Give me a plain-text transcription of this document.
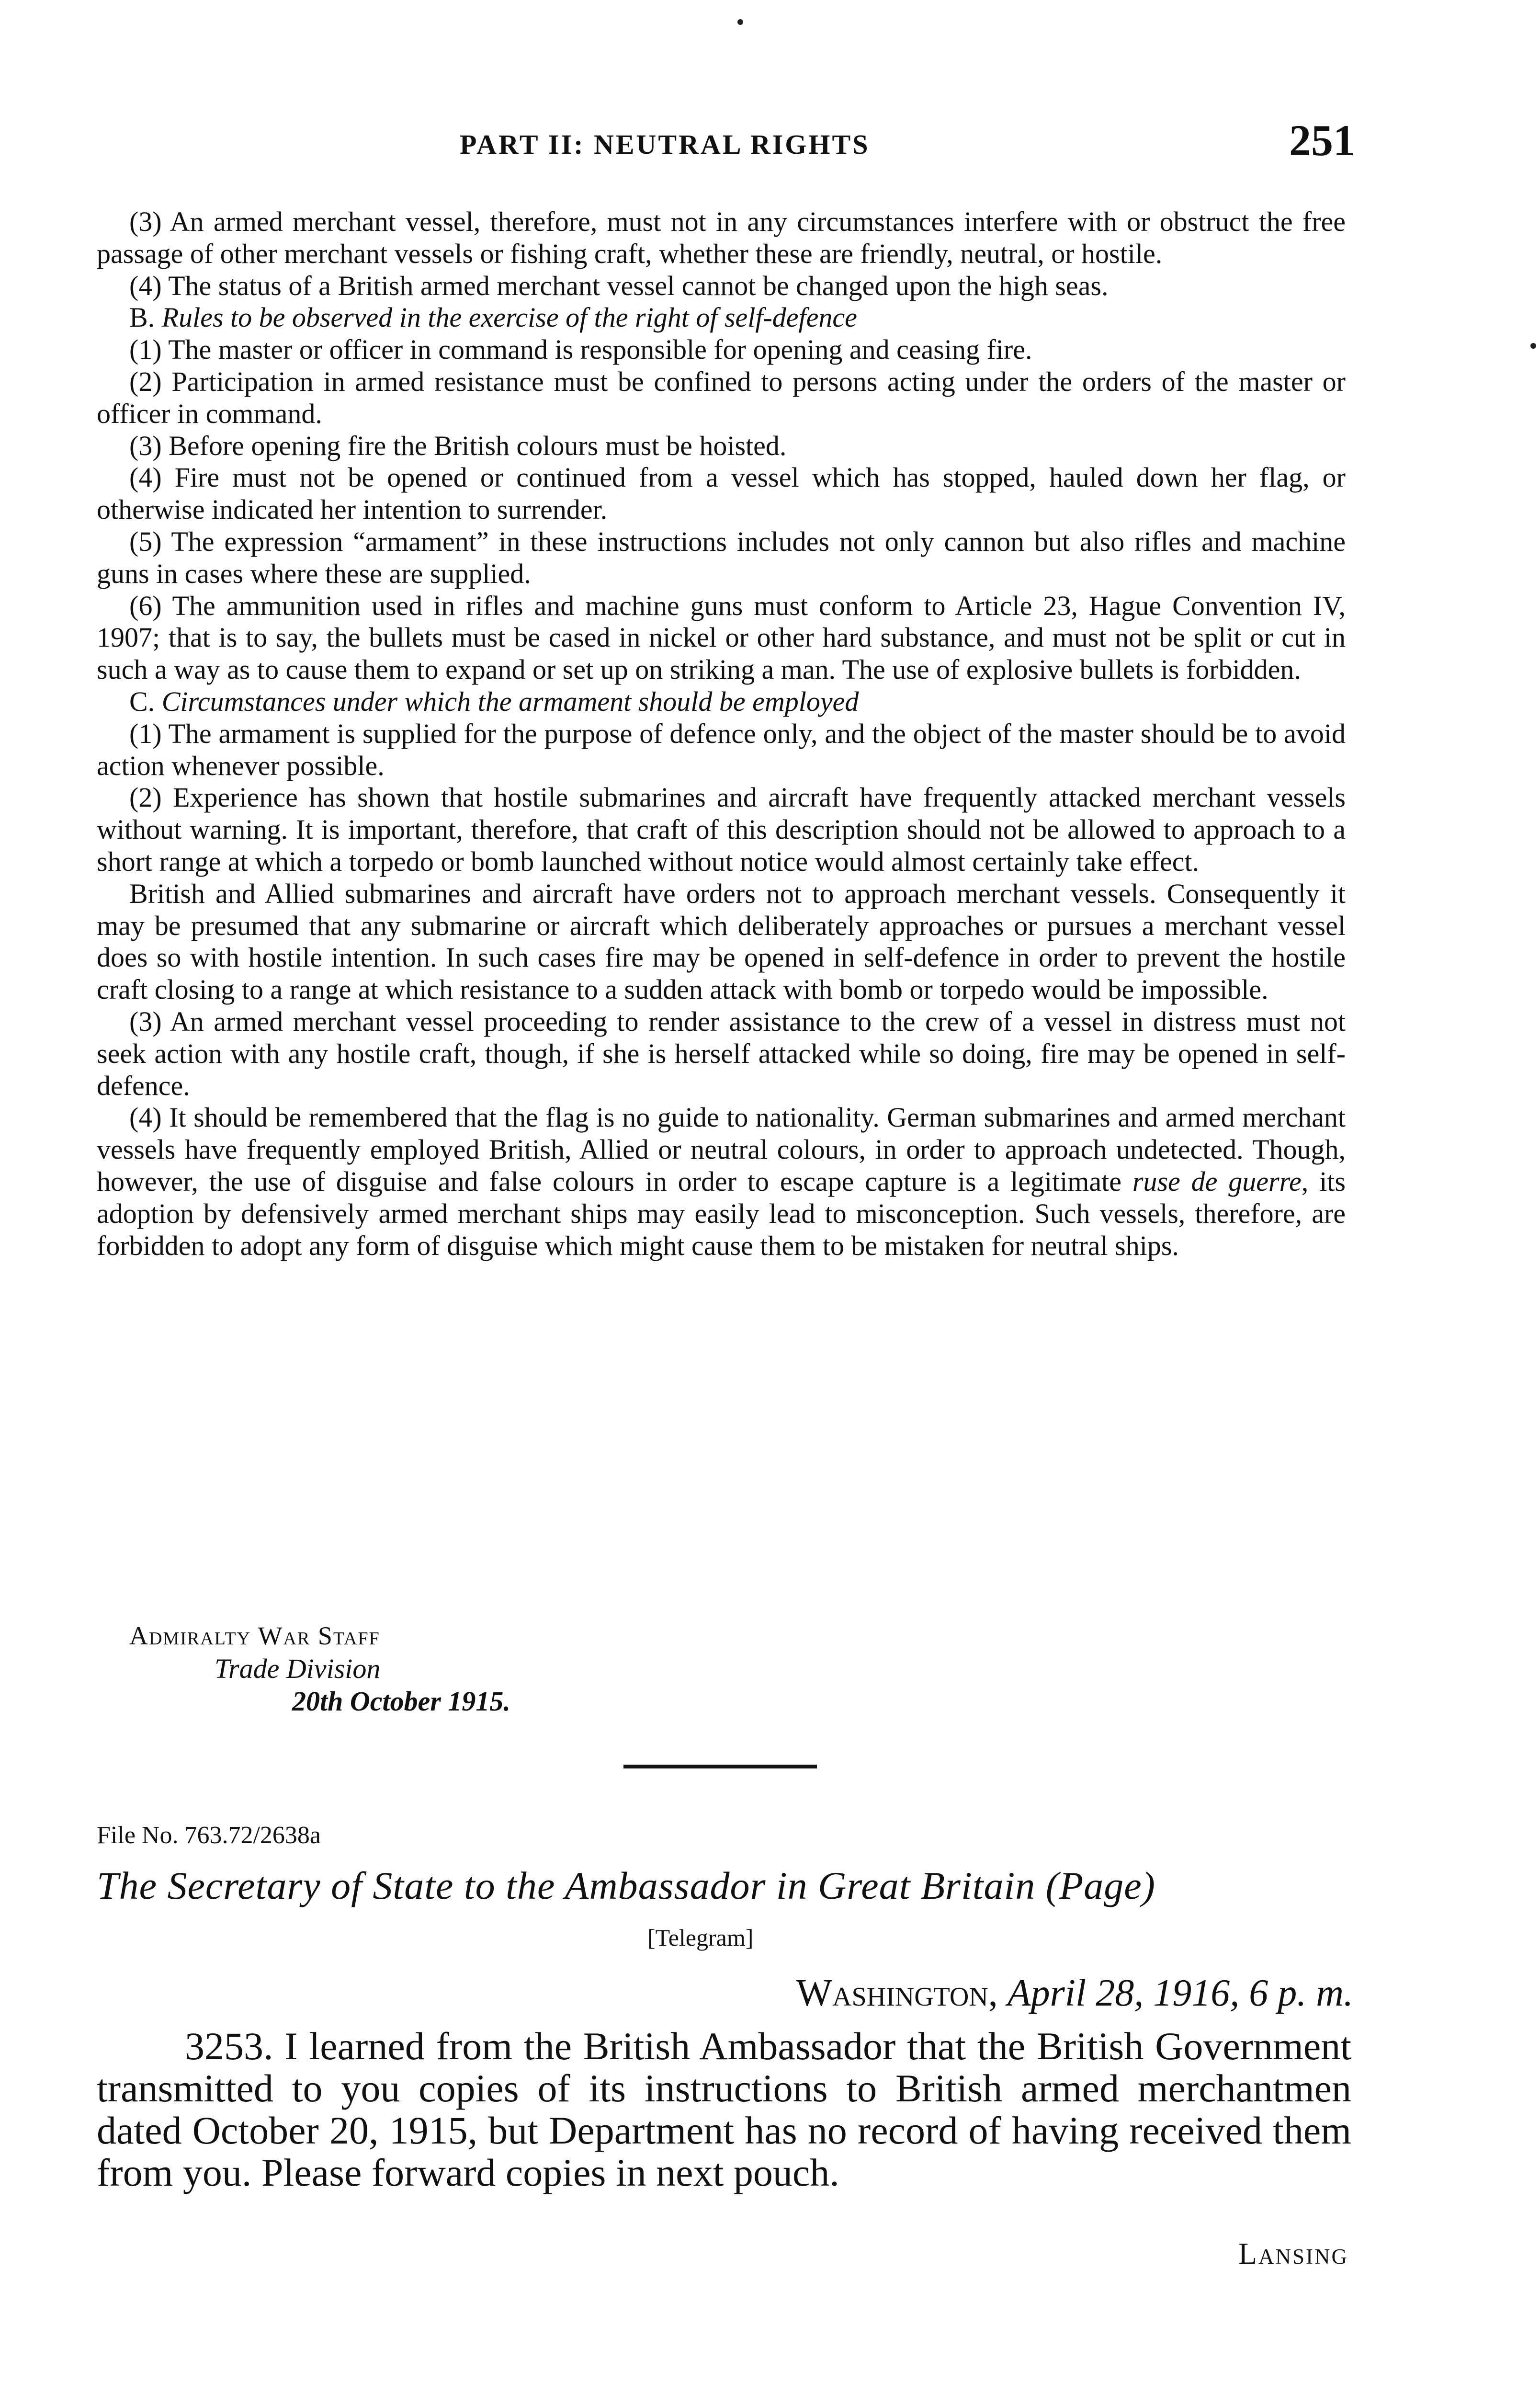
PART II: NEUTRAL RIGHTS	251

(3) An armed merchant vessel, therefore, must not in any circumstances interfere with or obstruct the free passage of other merchant vessels or fishing craft, whether these are friendly, neutral, or hostile.

(4) The status of a British armed merchant vessel cannot be changed upon the high seas.

B. Rules to be observed in the exercise of the right of self-defence

(1) The master or officer in command is responsible for opening and ceasing fire.

(2) Participation in armed resistance must be confined to persons acting under the orders of the master or officer in command.

(3) Before opening fire the British colours must be hoisted.

(4) Fire must not be opened or continued from a vessel which has stopped, hauled down her flag, or otherwise indicated her intention to surrender.

(5) The expression “armament” in these instructions includes not only cannon but also rifles and machine guns in cases where these are supplied.

(6) The ammunition used in rifles and machine guns must conform to Article 23, Hague Convention IV, 1907; that is to say, the bullets must be cased in nickel or other hard substance, and must not be split or cut in such a way as to cause them to expand or set up on striking a man. The use of explosive bullets is forbidden.

C. Circumstances under which the armament should be employed

(1) The armament is supplied for the purpose of defence only, and the object of the master should be to avoid action whenever possible.

(2) Experience has shown that hostile submarines and aircraft have frequently attacked merchant vessels without warning. It is important, therefore, that craft of this description should not be allowed to approach to a short range at which a torpedo or bomb launched without notice would almost certainly take effect.

British and Allied submarines and aircraft have orders not to approach merchant vessels. Consequently it may be presumed that any submarine or aircraft which deliberately approaches or pursues a merchant vessel does so with hostile intention. In such cases fire may be opened in self-defence in order to prevent the hostile craft closing to a range at which resistance to a sudden attack with bomb or torpedo would be impossible.

(3) An armed merchant vessel proceeding to render assistance to the crew of a vessel in distress must not seek action with any hostile craft, though, if she is herself attacked while so doing, fire may be opened in self-defence.

(4) It should be remembered that the flag is no guide to nationality. German submarines and armed merchant vessels have frequently employed British, Allied or neutral colours, in order to approach undetected. Though, however, the use of disguise and false colours in order to escape capture is a legitimate ruse de guerre, its adoption by defensively armed merchant ships may easily lead to misconception. Such vessels, therefore, are forbidden to adopt any form of disguise which might cause them to be mistaken for neutral ships.

Admiralty War Staff
Trade Division
20th October 1915.
File No. 763.72/2638a
The Secretary of State to the Ambassador in Great Britain (Page)
[Telegram]
Washington, April 28, 1916, 6 p. m.

3253. I learned from the British Ambassador that the British Government transmitted to you copies of its instructions to British armed merchantmen dated October 20, 1915, but Department has no record of having received them from you. Please forward copies in next pouch.

Lansing
